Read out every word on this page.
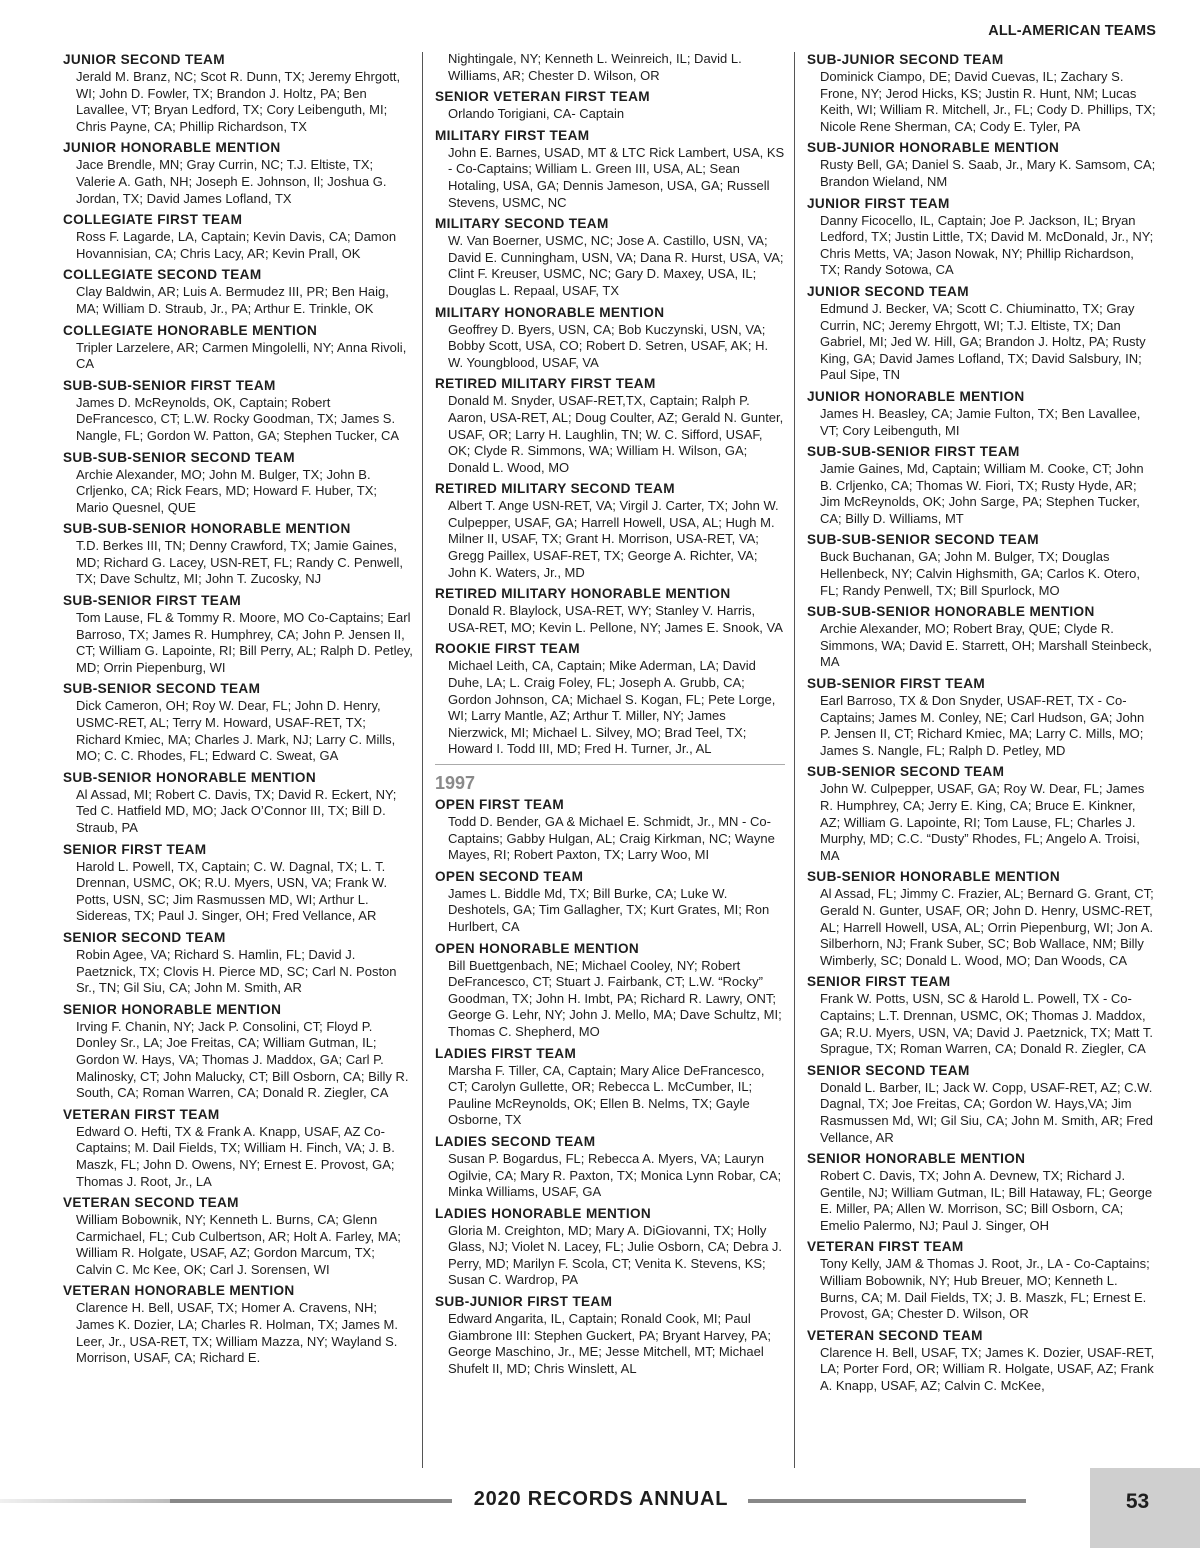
ALL-AMERICAN TEAMS
JUNIOR SECOND TEAM
Jerald M. Branz, NC; Scot R. Dunn, TX; Jeremy Ehrgott, WI; John D. Fowler, TX; Brandon J. Holtz, PA; Ben Lavallee, VT; Bryan Ledford, TX; Cory Leibenguth, MI; Chris Payne, CA; Phillip Richardson, TX
JUNIOR HONORABLE MENTION
Jace Brendle, MN; Gray Currin, NC; T.J. Eltiste, TX; Valerie A. Gath, NH; Joseph E. Johnson, Il; Joshua G. Jordan, TX; David James Lofland, TX
COLLEGIATE FIRST TEAM
Ross F. Lagarde, LA, Captain; Kevin Davis, CA; Damon Hovannisian, CA; Chris Lacy, AR; Kevin Prall, OK
COLLEGIATE SECOND TEAM
Clay Baldwin, AR; Luis A. Bermudez III, PR; Ben Haig, MA; William D. Straub, Jr., PA; Arthur E. Trinkle, OK
COLLEGIATE HONORABLE MENTION
Tripler Larzelere, AR; Carmen Mingolelli, NY; Anna Rivoli, CA
SUB-SUB-SENIOR FIRST TEAM
James D. McReynolds, OK, Captain; Robert DeFrancesco, CT; L.W. Rocky Goodman, TX; James S. Nangle, FL; Gordon W. Patton, GA; Stephen Tucker, CA
SUB-SUB-SENIOR SECOND TEAM
Archie Alexander, MO; John M. Bulger, TX; John B. Crljenko, CA; Rick Fears, MD; Howard F. Huber, TX; Mario Quesnel, QUE
SUB-SUB-SENIOR HONORABLE MENTION
T.D. Berkes III, TN; Denny Crawford, TX; Jamie Gaines, MD; Richard G. Lacey, USN-RET, FL; Randy C. Penwell, TX; Dave Schultz, MI; John T. Zucosky, NJ
SUB-SENIOR FIRST TEAM
Tom Lause, FL & Tommy R. Moore, MO Co-Captains; Earl Barroso, TX; James R. Humphrey, CA; John P. Jensen II, CT; William G. Lapointe, RI; Bill Perry, AL; Ralph D. Petley, MD; Orrin Piepenburg, WI
SUB-SENIOR SECOND TEAM
Dick Cameron, OH; Roy W. Dear, FL; John D. Henry, USMC-RET, AL; Terry M. Howard, USAF-RET, TX; Richard Kmiec, MA; Charles J. Mark, NJ; Larry C. Mills, MO; C. C. Rhodes, FL; Edward C. Sweat, GA
SUB-SENIOR HONORABLE MENTION
Al Assad, MI; Robert C. Davis, TX; David R. Eckert, NY; Ted C. Hatfield MD, MO; Jack O’Connor III, TX; Bill D. Straub, PA
SENIOR FIRST TEAM
Harold L. Powell, TX, Captain; C. W. Dagnal, TX; L. T. Drennan, USMC, OK; R.U. Myers, USN, VA; Frank W. Potts, USN, SC; Jim Rasmussen MD, WI; Arthur L. Sidereas, TX; Paul J. Singer, OH; Fred Vellance, AR
SENIOR SECOND TEAM
Robin Agee, VA; Richard S. Hamlin, FL; David J. Paetznick, TX; Clovis H. Pierce MD, SC; Carl N. Poston Sr., TN; Gil Siu, CA; John M. Smith, AR
SENIOR HONORABLE MENTION
Irving F. Chanin, NY; Jack P. Consolini, CT; Floyd P. Donley Sr., LA; Joe Freitas, CA; William Gutman, IL; Gordon W. Hays, VA; Thomas J. Maddox, GA; Carl P. Malinosky, CT; John Malucky, CT; Bill Osborn, CA; Billy R. South, CA; Roman Warren, CA; Donald R. Ziegler, CA
VETERAN FIRST TEAM
Edward O. Hefti, TX & Frank A. Knapp, USAF, AZ Co-Captains; M. Dail Fields, TX; William H. Finch, VA; J. B. Maszk, FL; John D. Owens, NY; Ernest E. Provost, GA; Thomas J. Root, Jr., LA
VETERAN SECOND TEAM
William Bobownik, NY; Kenneth L. Burns, CA; Glenn Carmichael, FL; Cub Culbertson, AR; Holt A. Farley, MA; William R. Holgate, USAF, AZ; Gordon Marcum, TX; Calvin C. Mc Kee, OK; Carl J. Sorensen, WI
VETERAN HONORABLE MENTION
Clarence H. Bell, USAF, TX; Homer A. Cravens, NH; James K. Dozier, LA; Charles R. Holman, TX; James M. Leer, Jr., USA-RET, TX; William Mazza, NY; Wayland S. Morrison, USAF, CA; Richard E.
Nightingale, NY; Kenneth L. Weinreich, IL; David L. Williams, AR; Chester D. Wilson, OR
SENIOR VETERAN FIRST TEAM
Orlando Torigiani, CA- Captain
MILITARY FIRST TEAM
John E. Barnes, USAD, MT & LTC Rick Lambert, USA, KS - Co-Captains; William L. Green III, USA, AL; Sean Hotaling, USA, GA; Dennis Jameson, USA, GA; Russell Stevens, USMC, NC
MILITARY SECOND TEAM
W. Van Boerner, USMC, NC; Jose A. Castillo, USN, VA; David E. Cunningham, USN, VA; Dana R. Hurst, USA, VA; Clint F. Kreuser, USMC, NC; Gary D. Maxey, USA, IL; Douglas L. Repaal, USAF, TX
MILITARY HONORABLE MENTION
Geoffrey D. Byers, USN, CA; Bob Kuczynski, USN, VA; Bobby Scott, USA, CO; Robert D. Setren, USAF, AK; H. W. Youngblood, USAF, VA
RETIRED MILITARY FIRST TEAM
Donald M. Snyder, USAF-RET,TX, Captain; Ralph P. Aaron, USA-RET, AL; Doug Coulter, AZ; Gerald N. Gunter, USAF, OR; Larry H. Laughlin, TN; W. C. Sifford, USAF, OK; Clyde R. Simmons, WA; William H. Wilson, GA; Donald L. Wood, MO
RETIRED MILITARY SECOND TEAM
Albert T. Ange USN-RET, VA; Virgil J. Carter, TX; John W. Culpepper, USAF, GA; Harrell Howell, USA, AL; Hugh M. Milner II, USAF, TX; Grant H. Morrison, USA-RET, VA; Gregg Paillex, USAF-RET, TX; George A. Richter, VA; John K. Waters, Jr., MD
RETIRED MILITARY HONORABLE MENTION
Donald R. Blaylock, USA-RET, WY; Stanley V. Harris, USA-RET, MO; Kevin L. Pellone, NY; James E. Snook, VA
ROOKIE FIRST TEAM
Michael Leith, CA, Captain; Mike Aderman, LA; David Duhe, LA; L. Craig Foley, FL; Joseph A. Grubb, CA; Gordon Johnson, CA; Michael S. Kogan, FL; Pete Lorge, WI; Larry Mantle, AZ; Arthur T. Miller, NY; James Nierzwick, MI; Michael L. Silvey, MO; Brad Teel, TX; Howard I. Todd III, MD; Fred H. Turner, Jr., AL
1997
OPEN FIRST TEAM
Todd D. Bender, GA & Michael E. Schmidt, Jr., MN - Co-Captains; Gabby Hulgan, AL; Craig Kirkman, NC; Wayne Mayes, RI; Robert Paxton, TX; Larry Woo, MI
OPEN SECOND TEAM
James L. Biddle Md, TX; Bill Burke, CA; Luke W. Deshotels, GA; Tim Gallagher, TX; Kurt Grates, MI; Ron Hurlbert, CA
OPEN HONORABLE MENTION
Bill Buettgenbach, NE; Michael Cooley, NY; Robert DeFrancesco, CT; Stuart J. Fairbank, CT; L.W. “Rocky” Goodman, TX; John H. Imbt, PA; Richard R. Lawry, ONT; George G. Lehr, NY; John J. Mello, MA; Dave Schultz, MI; Thomas C. Shepherd, MO
LADIES FIRST TEAM
Marsha F. Tiller, CA, Captain; Mary Alice DeFrancesco, CT; Carolyn Gullette, OR; Rebecca L. McCumber, IL; Pauline McReynolds, OK; Ellen B. Nelms, TX; Gayle Osborne, TX
LADIES SECOND TEAM
Susan P. Bogardus, FL; Rebecca A. Myers, VA; Lauryn Ogilvie, CA; Mary R. Paxton, TX; Monica Lynn Robar, CA; Minka Williams, USAF, GA
LADIES HONORABLE MENTION
Gloria M. Creighton, MD; Mary A. DiGiovanni, TX; Holly Glass, NJ; Violet N. Lacey, FL; Julie Osborn, CA; Debra J. Perry, MD; Marilyn F. Scola, CT; Venita K. Stevens, KS; Susan C. Wardrop, PA
SUB-JUNIOR FIRST TEAM
Edward Angarita, IL, Captain; Ronald Cook, MI; Paul Giambrone III: Stephen Guckert, PA; Bryant Harvey, PA; George Maschino, Jr., ME; Jesse Mitchell, MT; Michael Shufelt II, MD; Chris Winslett, AL
SUB-JUNIOR SECOND TEAM
Dominick Ciampo, DE; David Cuevas, IL; Zachary S. Frone, NY; Jerod Hicks, KS; Justin R. Hunt, NM; Lucas Keith, WI; William R. Mitchell, Jr., FL; Cody D. Phillips, TX; Nicole Rene Sherman, CA; Cody E. Tyler, PA
SUB-JUNIOR HONORABLE MENTION
Rusty Bell, GA; Daniel S. Saab, Jr., Mary K. Samsom, CA; Brandon Wieland, NM
JUNIOR FIRST TEAM
Danny Ficocello, IL, Captain; Joe P. Jackson, IL; Bryan Ledford, TX; Justin Little, TX; David M. McDonald, Jr., NY; Chris Metts, VA; Jason Nowak, NY; Phillip Richardson, TX; Randy Sotowa, CA
JUNIOR SECOND TEAM
Edmund J. Becker, VA; Scott C. Chiuminatto, TX; Gray Currin, NC; Jeremy Ehrgott, WI; T.J. Eltiste, TX; Dan Gabriel, MI; Jed W. Hill, GA; Brandon J. Holtz, PA; Rusty King, GA; David James Lofland, TX; David Salsbury, IN; Paul Sipe, TN
JUNIOR HONORABLE MENTION
James H. Beasley, CA; Jamie Fulton, TX; Ben Lavallee, VT; Cory Leibenguth, MI
SUB-SUB-SENIOR FIRST TEAM
Jamie Gaines, Md, Captain; William M. Cooke, CT; John B. Crljenko, CA; Thomas W. Fiori, TX; Rusty Hyde, AR; Jim McReynolds, OK; John Sarge, PA; Stephen Tucker, CA; Billy D. Williams, MT
SUB-SUB-SENIOR SECOND TEAM
Buck Buchanan, GA; John M. Bulger, TX; Douglas Hellenbeck, NY; Calvin Highsmith, GA; Carlos K. Otero, FL; Randy Penwell, TX; Bill Spurlock, MO
SUB-SUB-SENIOR HONORABLE MENTION
Archie Alexander, MO; Robert Bray, QUE; Clyde R. Simmons, WA; David E. Starrett, OH; Marshall Steinbeck, MA
SUB-SENIOR FIRST TEAM
Earl Barroso, TX & Don Snyder, USAF-RET, TX - Co-Captains; James M. Conley, NE; Carl Hudson, GA; John P. Jensen II, CT; Richard Kmiec, MA; Larry C. Mills, MO; James S. Nangle, FL; Ralph D. Petley, MD
SUB-SENIOR SECOND TEAM
John W. Culpepper, USAF, GA; Roy W. Dear, FL; James R. Humphrey, CA; Jerry E. King, CA; Bruce E. Kinkner, AZ; William G. Lapointe, RI; Tom Lause, FL; Charles J. Murphy, MD; C.C. “Dusty” Rhodes, FL; Angelo A. Troisi, MA
SUB-SENIOR HONORABLE MENTION
Al Assad, FL; Jimmy C. Frazier, AL; Bernard G. Grant, CT; Gerald N. Gunter, USAF, OR; John D. Henry, USMC-RET, AL; Harrell Howell, USA, AL; Orrin Piepenburg, WI; Jon A. Silberhorn, NJ; Frank Suber, SC; Bob Wallace, NM; Billy Wimberly, SC; Donald L. Wood, MO; Dan Woods, CA
SENIOR FIRST TEAM
Frank W. Potts, USN, SC & Harold L. Powell, TX - Co-Captains; L.T. Drennan, USMC, OK; Thomas J. Maddox, GA; R.U. Myers, USN, VA; David J. Paetznick, TX; Matt T. Sprague, TX; Roman Warren, CA; Donald R. Ziegler, CA
SENIOR SECOND TEAM
Donald L. Barber, IL; Jack W. Copp, USAF-RET, AZ; C.W. Dagnal, TX; Joe Freitas, CA; Gordon W. Hays,VA; Jim Rasmussen Md, WI; Gil Siu, CA; John M. Smith, AR; Fred Vellance, AR
SENIOR HONORABLE MENTION
Robert C. Davis, TX; John A. Devnew, TX; Richard J. Gentile, NJ; William Gutman, IL; Bill Hataway, FL; George E. Miller, PA; Allen W. Morrison, SC; Bill Osborn, CA; Emelio Palermo, NJ; Paul J. Singer, OH
VETERAN FIRST TEAM
Tony Kelly, JAM & Thomas J. Root, Jr., LA - Co-Captains; William Bobownik, NY; Hub Breuer, MO; Kenneth L. Burns, CA; M. Dail Fields, TX; J. B. Maszk, FL; Ernest E. Provost, GA; Chester D. Wilson, OR
VETERAN SECOND TEAM
Clarence H. Bell, USAF, TX; James K. Dozier, USAF-RET, LA; Porter Ford, OR; William R. Holgate, USAF, AZ; Frank A. Knapp, USAF, AZ; Calvin C. McKee,
2020 RECORDS ANNUAL	53
